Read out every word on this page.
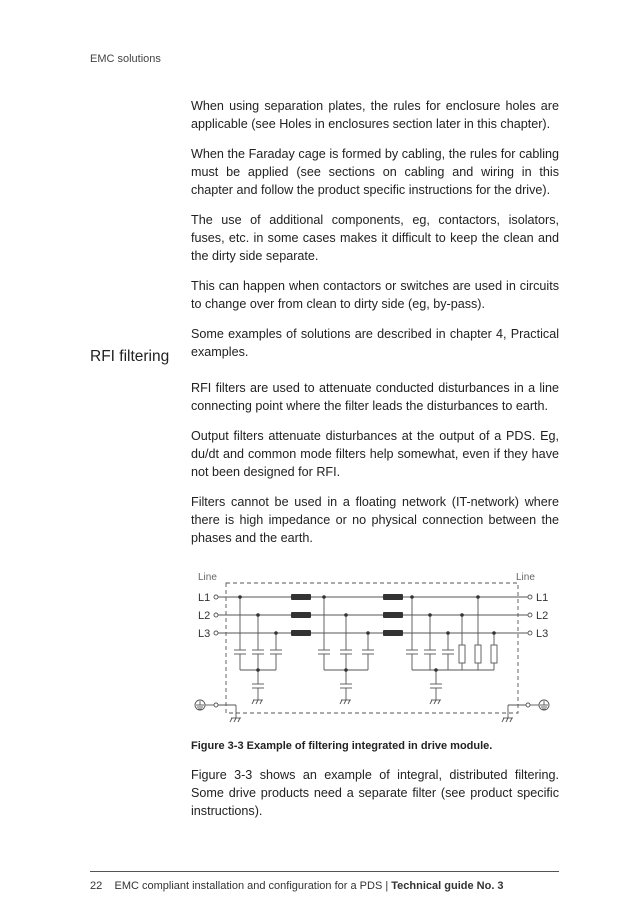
EMC solutions

When using separation plates, the rules for enclosure holes are applicable (see Holes in enclosures section later in this chapter).

When the Faraday cage is formed by cabling, the rules for cabling must be applied (see sections on cabling and wiring in this chapter and follow the product specific instructions for the drive).

The use of additional components, eg, contactors, isolators, fuses, etc. in some cases makes it difficult to keep the clean and the dirty side separate.

This can happen when contactors or switches are used in circuits to change over from clean to dirty side (eg, by-pass).

Some examples of solutions are described in chapter 4, Practical examples.

RFI filtering

RFI filters are used to attenuate conducted disturbances in a line connecting point where the filter leads the disturbances to earth.

Output filters attenuate disturbances at the output of a PDS. Eg, du/dt and common mode filters help somewhat, even if they have not been designed for RFI.

Filters cannot be used in a floating network (IT-network) where there is high impedance or no physical connection between the phases and the earth.

Line	Line
L1
L2
L3
L1
L2
L3
Figure 3-3 Example of filtering integrated in drive module.

Figure 3-3 shows an example of integral, distributed filtering. Some drive products need a separate filter (see product specific instructions).

22 EMC compliant installation and configuration for a PDS | Technical guide No. 3
